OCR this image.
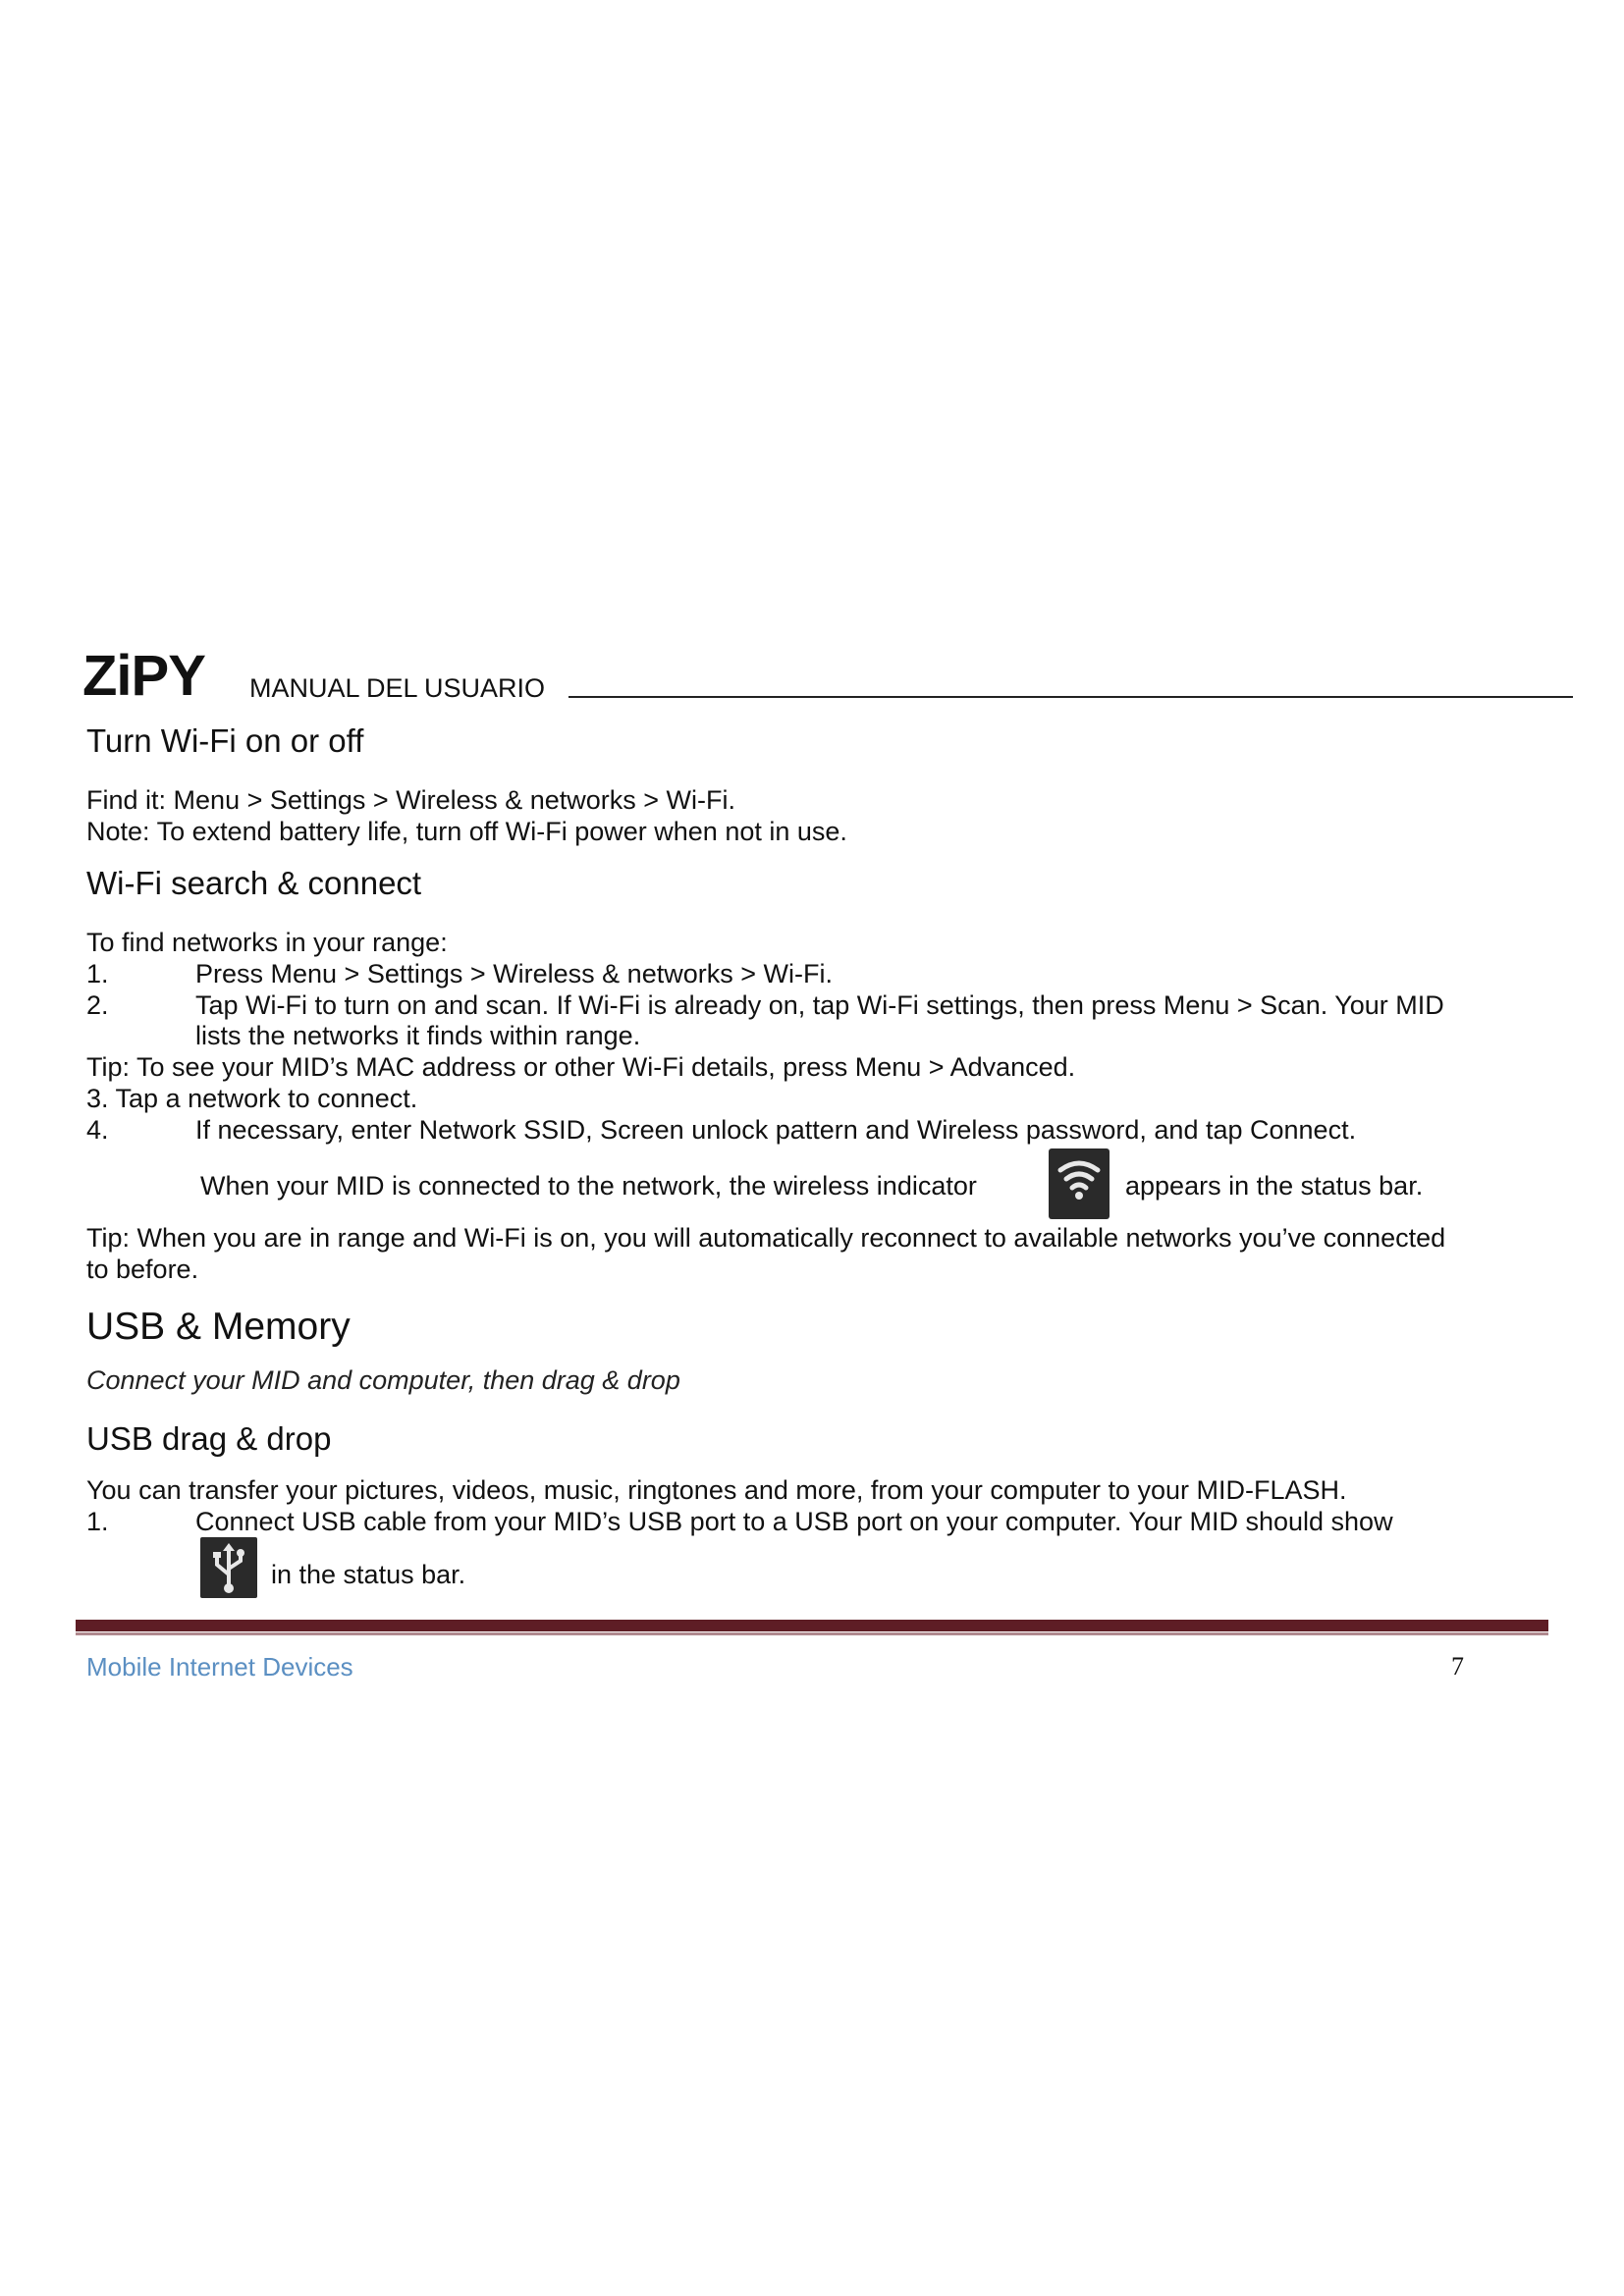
ZiPY MANUAL DEL USUARIO
Turn Wi-Fi on or off
Find it: Menu > Settings > Wireless & networks > Wi-Fi.
Note: To extend battery life, turn off Wi-Fi power when not in use.
Wi-Fi search & connect
To find networks in your range:
1.	Press Menu > Settings > Wireless & networks > Wi-Fi.
2.	Tap Wi-Fi to turn on and scan. If Wi-Fi is already on, tap Wi-Fi settings, then press Menu > Scan. Your MID
lists the networks it finds within range.
Tip: To see your MID’s MAC address or other Wi-Fi details, press Menu > Advanced.
3. Tap a network to connect.
4.	If necessary, enter Network SSID, Screen unlock pattern and Wireless password, and tap Connect.
When your MID is connected to the network, the wireless indicator	appears in the status bar.
Tip: When you are in range and Wi-Fi is on, you will automatically reconnect to available networks you’ve connected
to before.
USB & Memory
Connect your MID and computer, then drag & drop
USB drag & drop
You can transfer your pictures, videos, music, ringtones and more, from your computer to your MID-FLASH.
1.	Connect USB cable from your MID’s USB port to a USB port on your computer. Your MID should show
in the status bar.
Mobile Internet Devices	7
